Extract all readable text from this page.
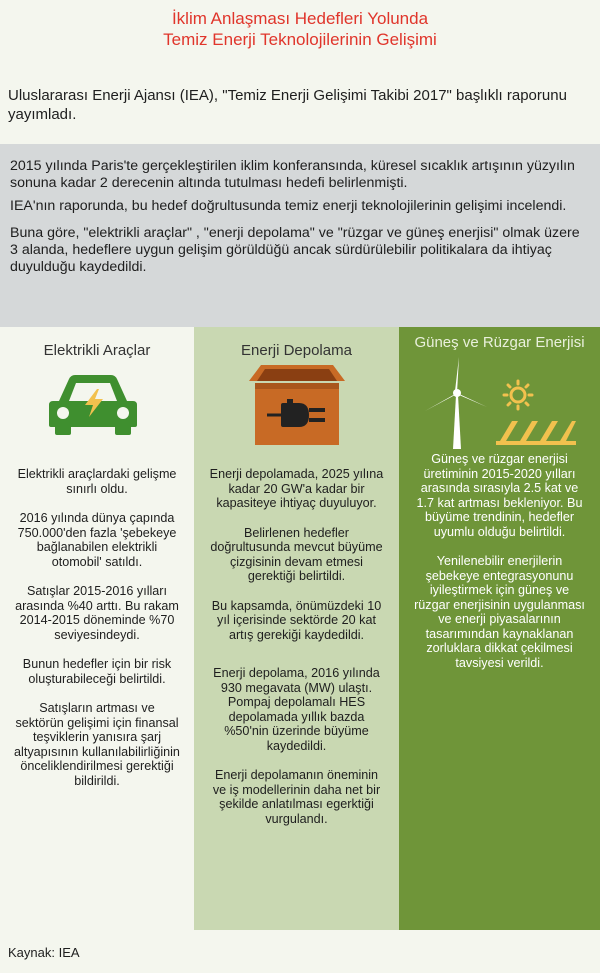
İklim Anlaşması Hedefleri Yolunda
Temiz Enerji Teknolojilerinin Gelişimi
Uluslararası Enerji Ajansı (IEA), "Temiz Enerji Gelişimi Takibi 2017" başlıklı raporunu yayımladı.

2015 yılında Paris'te gerçekleştirilen iklim konferansında, küresel sıcaklık artışının yüzyılın sonuna kadar 2 derecenin altında tutulması hedefi belirlenmişti.

IEA'nın raporunda, bu hedef doğrultusunda temiz enerji teknolojilerinin gelişimi incelendi.

Buna göre, "elektrikli araçlar" , "enerji depolama" ve "rüzgar ve güneş enerjisi" olmak üzere 3 alanda, hedeflere uygun gelişim görüldüğü ancak sürdürülebilir politikalara da ihtiyaç duyulduğu kaydedildi.

Elektrikli Araçlar

Elektrikli araçlardaki gelişme sınırlı oldu.

2016 yılında dünya çapında 750.000'den fazla 'şebekeye bağlanabilen elektrikli otomobil' satıldı.

Satışlar 2015-2016 yılları arasında %40 arttı. Bu rakam 2014-2015 döneminde %70 seviyesindeydi.

Bunun hedefler için bir risk oluşturabileceği belirtildi.

Satışların artması ve sektörün gelişimi için finansal teşviklerin yanısıra şarj altyapısının kullanılabilirliğinin önceliklendirilmesi gerektiği bildirildi.

Enerji Depolama

Enerji depolamada, 2025 yılına kadar 20 GW'a kadar bir kapasiteye ihtiyaç duyuluyor.

Belirlenen hedefler doğrultusunda mevcut büyüme çizgisinin devam etmesi gerektiği belirtildi.

Bu kapsamda, önümüzdeki 10 yıl içerisinde sektörde 20 kat artış gerekiği kaydedildi.

Enerji depolama, 2016 yılında 930 megavata (MW) ulaştı. Pompaj depolamalı HES depolamada yıllık bazda %50'nin üzerinde büyüme kaydedildi.

Enerji depolamanın öneminin ve iş modellerinin daha net bir şekilde anlatılması egerktiği vurgulandı.

Güneş ve Rüzgar Enerjisi

Güneş ve rüzgar enerjisi üretiminin 2015-2020 yılları arasında sırasıyla 2.5 kat ve 1.7 kat artması bekleniyor. Bu büyüme trendinin, hedefler uyumlu olduğu belirtildi.

Yenilenebilir enerjilerin şebekeye entegrasyonunu iyileştirmek için güneş ve rüzgar enerjisinin uygulanması ve enerji piyasalarının tasarımından kaynaklanan zorluklara dikkat çekilmesi tavsiyesi verildi.

Kaynak: IEA
